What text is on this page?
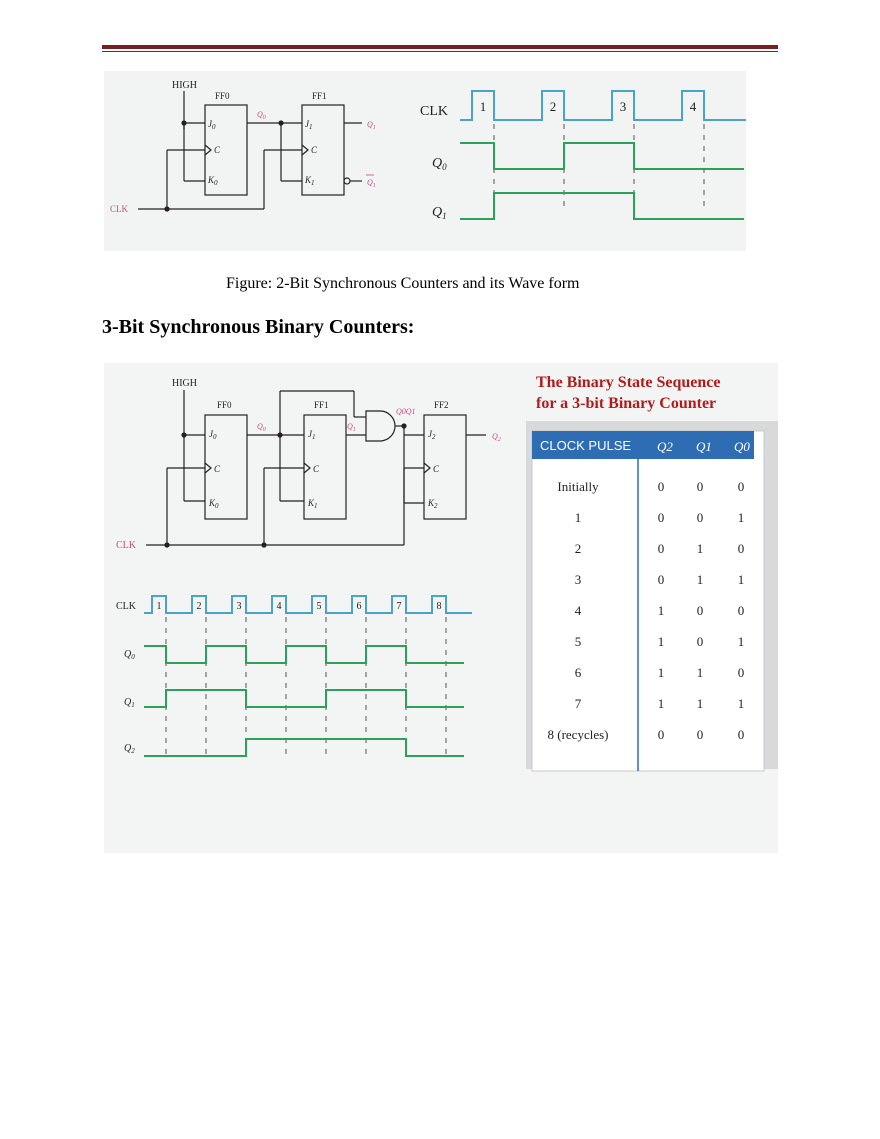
HIGH
FF0
$J_0$
C
$K_0$
$Q_0$
FF1
$J_1$
C
$K_1$
$Q_1$
$Q_1$
CLK
CLK
$Q_0$
$Q_1$
1	2	3	4
Figure: 2-Bit Synchronous Counters and its Wave form
3-Bit Synchronous Binary Counters:
HIGH
FF0
$J_0$
C
$K_0$
$Q_0$
FF1
$J_1$
C
$K_1$
$Q_1$
Q0Q1
FF2
$J_2$
C
$K_2$
$Q_2$
CLK
CLK
$Q_0$
$Q_1$
$Q_2$
1	2	3	4	5	6	7	8
The Binary State Sequence
for a 3-bit Binary Counter
CLOCK PULSE Q2 Q1 Q0
Initially	0	0	0
1	0	0	1
2	0	1	0
3	0	1	1
4	1	0	0
5	1	0	1
6	1	1	0
7	1	1	1
8 (recycles)	0	0	0
